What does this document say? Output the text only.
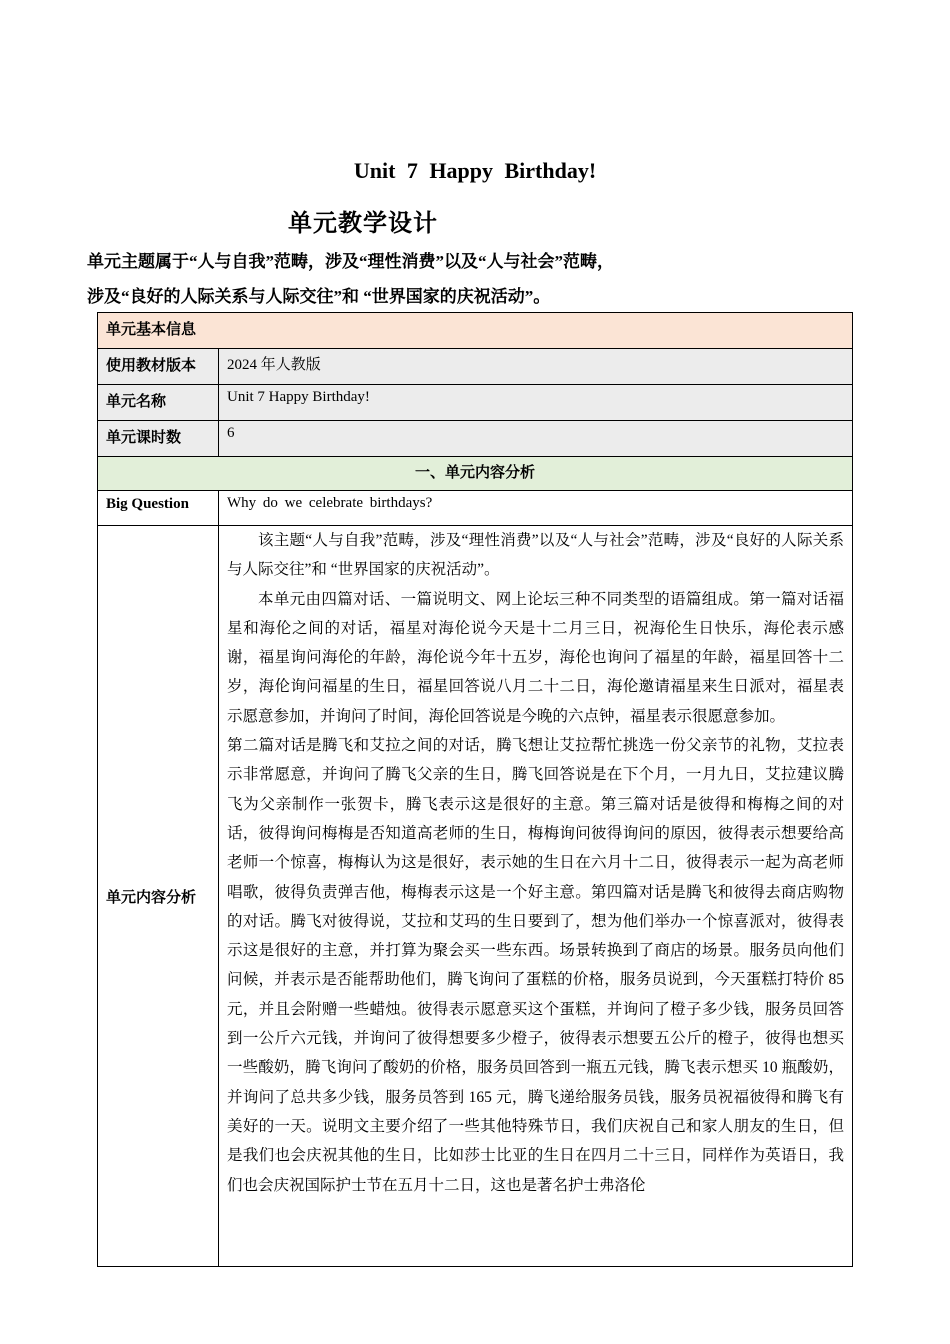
Unit 7 Happy Birthday!
单元教学设计
单元主题属于“人与自我”范畴，涉及“理性消费”以及“人与社会”范畴，
涉及“良好的人际关系与人际交往”和 “世界国家的庆祝活动”。
单元基本信息	
使用教材版本	2024 年人教版
单元名称	Unit 7 Happy Birthday!
单元课时数	6
一、单元内容分析	
Big Question	Why do we celebrate birthdays?
单元内容分析	该主题“人与自我”范畴，涉及“理性消费”以及“人与社会”范畴，涉及“良好的人际关系与人际交往”和 “世界国家的庆祝活动”。

本单元由四篇对话、一篇说明文、网上论坛三种不同类型的语篇组成。第一篇对话福星和海伦之间的对话，福星对海伦说今天是十二月三日，祝海伦生日快乐，海伦表示感谢，福星询问海伦的年龄，海伦说今年十五岁，海伦也询问了福星的年龄，福星回答十二岁，海伦询问福星的生日，福星回答说八月二十二日，海伦邀请福星来生日派对，福星表示愿意参加，并询问了时间，海伦回答说是今晚的六点钟，福星表示很愿意参加。

第二篇对话是腾飞和艾拉之间的对话，腾飞想让艾拉帮忙挑选一份父亲节的礼物，艾拉表示非常愿意，并询问了腾飞父亲的生日，腾飞回答说是在下个月，一月九日，艾拉建议腾飞为父亲制作一张贺卡，腾飞表示这是很好的主意。第三篇对话是彼得和梅梅之间的对话，彼得询问梅梅是否知道高老师的生日，梅梅询问彼得询问的原因，彼得表示想要给高老师一个惊喜，梅梅认为这是很好，表示她的生日在六月十二日，彼得表示一起为高老师唱歌，彼得负责弹吉他，梅梅表示这是一个好主意。第四篇对话是腾飞和彼得去商店购物的对话。腾飞对彼得说，艾拉和艾玛的生日要到了，想为他们举办一个惊喜派对，彼得表示这是很好的主意，并打算为聚会买一些东西。场景转换到了商店的场景。服务员向他们问候，并表示是否能帮助他们，腾飞询问了蛋糕的价格，服务员说到，今天蛋糕打特价 85 元，并且会附赠一些蜡烛。彼得表示愿意买这个蛋糕，并询问了橙子多少钱，服务员回答到一公斤六元钱，并询问了彼得想要多少橙子，彼得表示想要五公斤的橙子，彼得也想买一些酸奶，腾飞询问了酸奶的价格，服务员回答到一瓶五元钱，腾飞表示想买 10 瓶酸奶，并询问了总共多少钱，服务员答到 165 元，腾飞递给服务员钱，服务员祝福彼得和腾飞有美好的一天。说明文主要介绍了一些其他特殊节日，我们庆祝自己和家人朋友的生日，但是我们也会庆祝其他的生日，比如莎士比亚的生日在四月二十三日，同样作为英语日，我们也会庆祝国际护士节在五月十二日，这也是著名护士弗洛伦
